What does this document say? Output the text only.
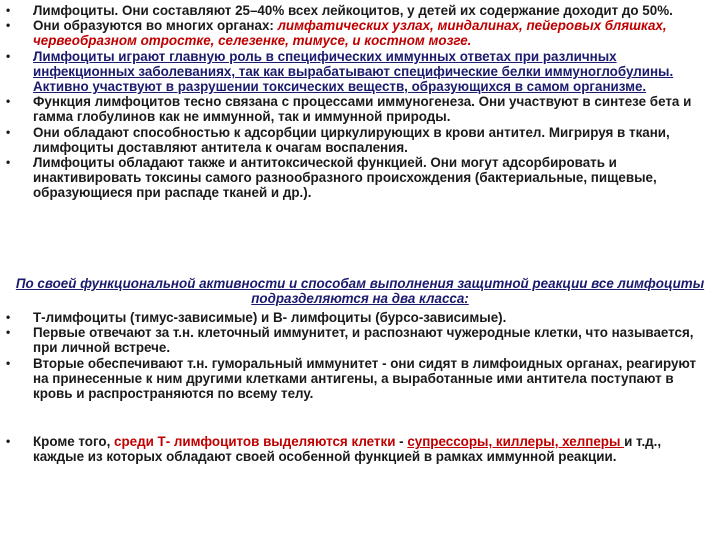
• Лимфоциты. Они составляют 25–40% всех лейкоцитов, у детей их содержание доходит до 50%.
• Они образуются во многих органах: лимфатических узлах, миндалинах, пейеровых бляшках, червеобразном отростке, селезенке, тимусе, и костном мозге.
• Лимфоциты играют главную роль в специфических иммунных ответах при различных инфекционных заболеваниях, так как вырабатывают специфические белки иммуноглобулины. Активно участвуют в разрушении токсических веществ, образующихся в самом организме.
• Функция лимфоцитов тесно связана с процессами иммуногенеза. Они участвуют в синтезе бета и гамма глобулинов как не иммунной, так и иммунной природы.
• Они обладают способностью к адсорбции циркулирующих в крови антител. Мигрируя в ткани, лимфоциты доставляют антитела к очагам воспаления.
• Лимфоциты обладают также и антитоксической функцией. Они могут адсорбировать и инактивировать токсины самого разнообразного происхождения (бактериальные, пищевые, образующиеся при распаде тканей и др.).
По своей функциональной активности и способам выполнения защитной реакции все лимфоциты подразделяются на два класса:
• Т-лимфоциты (тимус-зависимые) и В- лимфоциты (бурсо-зависимые).
• Первые отвечают за т.н. клеточный иммунитет, и распознают чужеродные клетки, что называется, при личной встрече.
• Вторые обеспечивают т.н. гуморальный иммунитет - они сидят в лимфоидных органах, реагируют на принесенные к ним другими клетками антигены, а выработанные ими антитела поступают в кровь и распространяются по всему телу.
• Кроме того, среди Т- лимфоцитов выделяются клетки - супрессоры, киллеры, хелперы и т.д., каждые из которых обладают своей особенной функцией в рамках иммунной реакции.
